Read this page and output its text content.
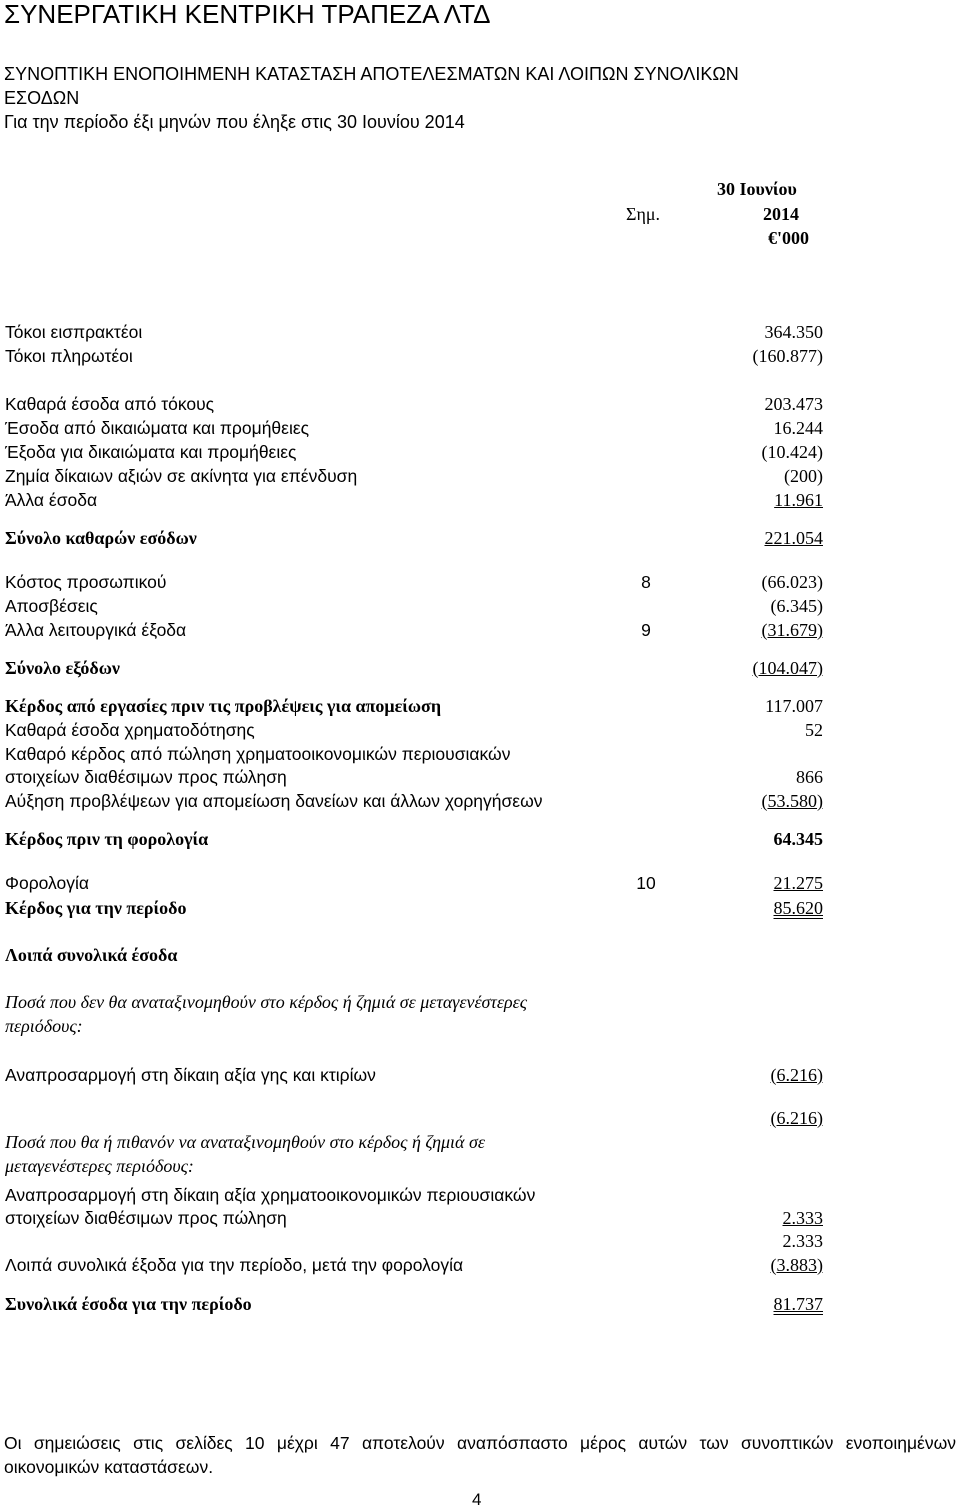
ΣΥΝΕΡΓΑΤΙΚΗ ΚΕΝΤΡΙΚΗ ΤΡΑΠΕΖΑ ΛΤΔ
ΣΥΝΟΠΤΙΚΗ ΕΝΟΠΟΙΗΜΕΝΗ ΚΑΤΑΣΤΑΣΗ ΑΠΟΤΕΛΕΣΜΑΤΩΝ ΚΑΙ ΛΟΙΠΩΝ ΣΥΝΟΛΙΚΩΝ
ΕΣΟΔΩΝ
Για την περίοδο έξι μηνών που έληξε στις 30 Ιουνίου 2014
30 Ιουνίου
Σημ.	2014
€'000
Τόκοι εισπρακτέοι	364.350
Τόκοι πληρωτέοι	(160.877)
Καθαρά έσοδα από τόκους	203.473
Έσοδα από δικαιώματα και προμήθειες	16.244
Έξοδα για δικαιώματα και προμήθειες	(10.424)
Ζημία δίκαιων αξιών σε ακίνητα για επένδυση	(200)
Άλλα έσοδα	11.961
Σύνολο καθαρών εσόδων	221.054
Κόστος προσωπικού	8	(66.023)
Αποσβέσεις	(6.345)
Άλλα λειτουργικά έξοδα	9	(31.679)
Σύνολο εξόδων	(104.047)
Κέρδος από εργασίες πριν τις προβλέψεις για απομείωση	117.007
Καθαρά έσοδα χρηματοδότησης	52
Καθαρό κέρδος από πώληση χρηματοοικονομικών περιουσιακών
στοιχείων διαθέσιμων προς πώληση	866
Αύξηση προβλέψεων για απομείωση δανείων και άλλων χορηγήσεων	(53.580)
Κέρδος πριν τη φορολογία	64.345
Φορολογία	10	21.275
Κέρδος για την περίοδο	85.620
Λοιπά συνολικά έσοδα
Ποσά που δεν θα αναταξινομηθούν στο κέρδος ή ζημιά σε μεταγενέστερες
περιόδους:
Αναπροσαρμογή στη δίκαιη αξία γης και κτιρίων	(6.216)
(6.216)
Ποσά που θα ή πιθανόν να αναταξινομηθούν στο κέρδος ή ζημιά σε
μεταγενέστερες περιόδους:
Αναπροσαρμογή στη δίκαιη αξία χρηματοοικονομικών περιουσιακών
στοιχείων διαθέσιμων προς πώληση	2.333
2.333
Λοιπά συνολικά έξοδα για την περίοδο, μετά την φορολογία	(3.883)
Συνολικά έσοδα για την περίοδο	81.737
Οι σημειώσεις στις σελίδες 10 μέχρι 47 αποτελούν αναπόσπαστο μέρος αυτών των συνοπτικών ενοποιημένων
οικονομικών καταστάσεων.
4
